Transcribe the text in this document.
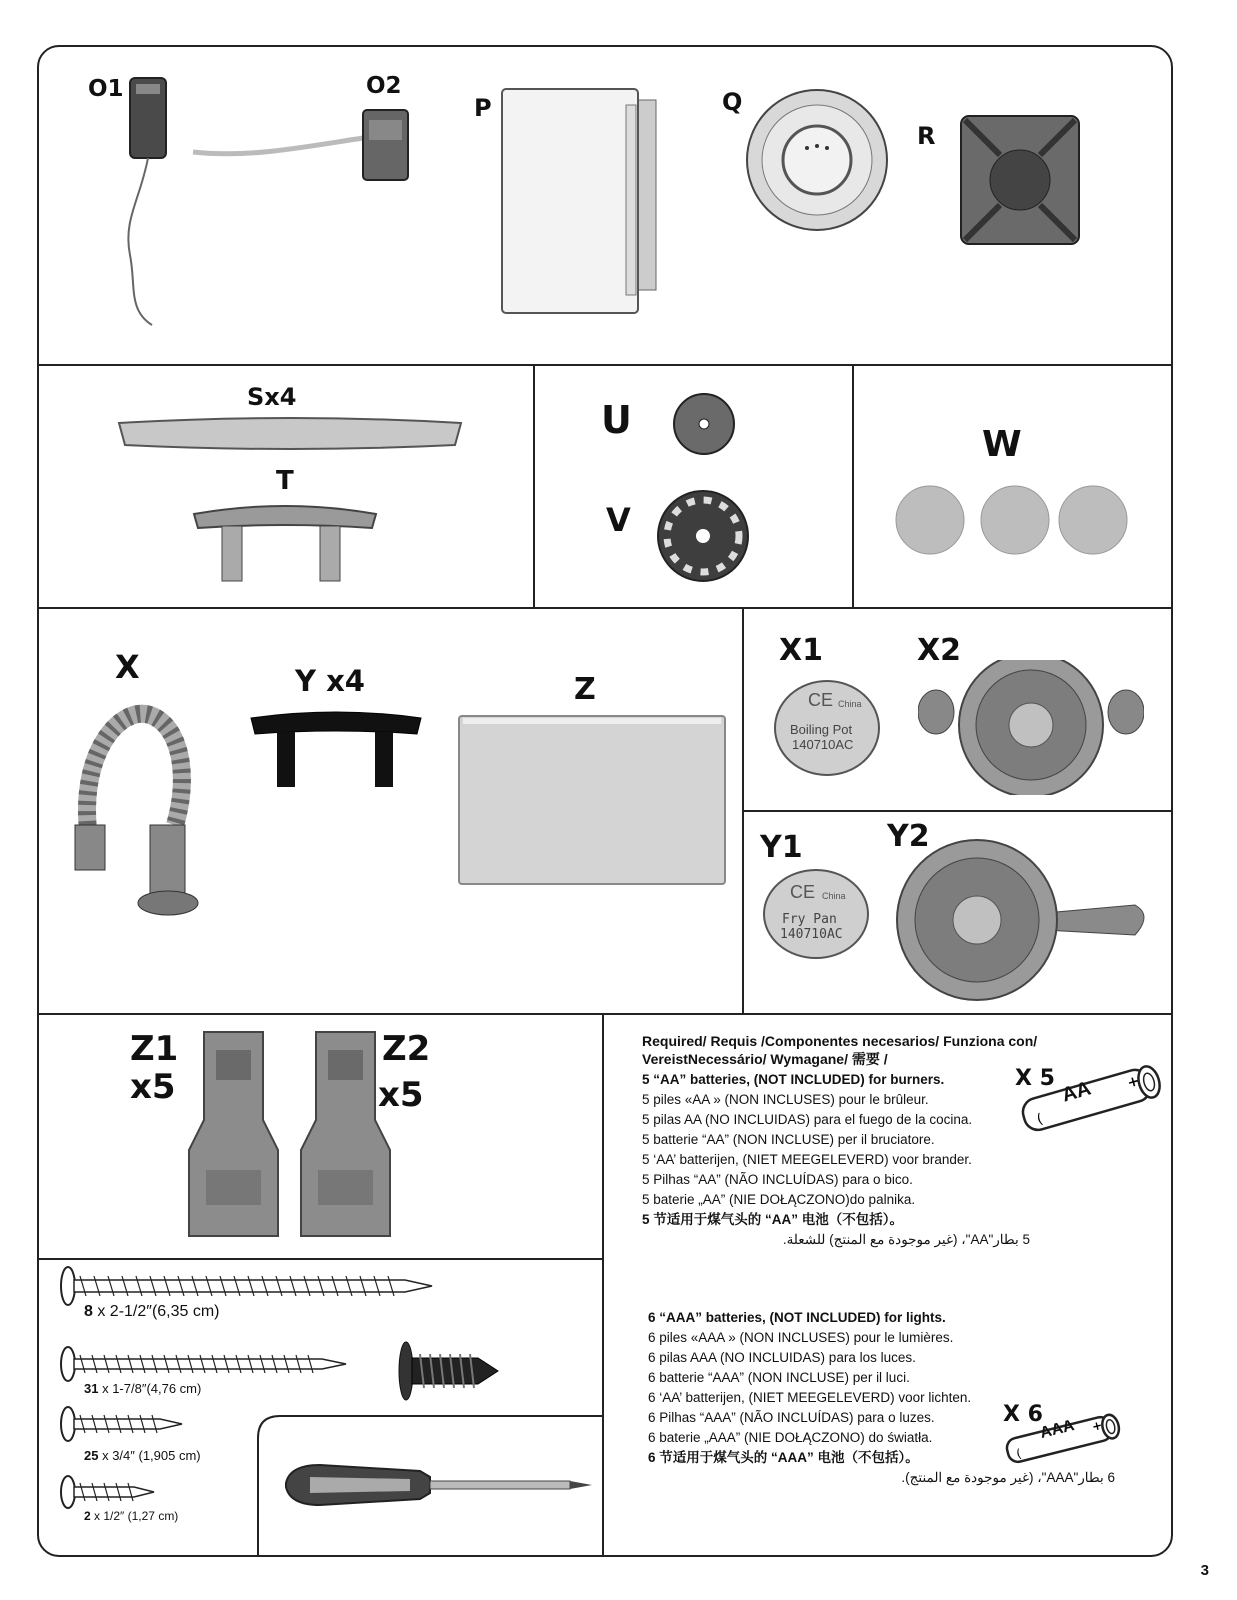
O1	O2
P	Q
R
Sx4
T
U
V
W
X	Y x4	Z
X1
CE China
Boiling Pot
140710AC
X2
Y1
CE China
Fry Pan
140710AC
Y2
Z1
x5
Z2
x5
8 x 2-1/2″(6,35 cm)
31 x 1-7/8″(4,76 cm)
25 x 3/4″ (1,905 cm)
2 x 1/2″ (1,27 cm)
Required/ Requis /Componentes necesarios/ Funziona con/
VereistNecessário/ Wymagane/ 需要 /
5 “AA” batteries, (NOT INCLUDED) for burners.
5 piles «AA » (NON INCLUSES) pour le brûleur.
5 pilas AA (NO INCLUIDAS) para el fuego de la cocina.
5 batterie “AA” (NON INCLUSE) per il bruciatore.
5 ‘AA’ batterijen, (NIET MEEGELEVERD) voor brander.
5 Pilhas “AA” (NÃO INCLUÍDAS) para o bico.
5 baterie „AA” (NIE DOŁĄCZONO)do palnika.
5 节适用于煤气头的 “AA” 电池（不包括）。
5 بطار"AA"، (غير موجودة مع المنتج) للشعلة.
X 5
(
+
AA
6 “AAA” batteries, (NOT INCLUDED) for lights.
6 piles «AAA » (NON INCLUSES) pour le lumières.
6 pilas AAA (NO INCLUIDAS) para los luces.
6 batterie “AAA” (NON INCLUSE) per il luci.
6 ‘AA’ batterijen, (NIET MEEGELEVERD) voor lichten.
6 Pilhas “AAA” (NÃO INCLUÍDAS) para o luzes.
6 baterie „AAA” (NIE DOŁĄCZONO) do światła.
6 节适用于煤气头的 “AAA” 电池（不包括）。
6 بطار"AAA"، (غير موجودة مع المنتج).
X 6
(
+
AAA
3
